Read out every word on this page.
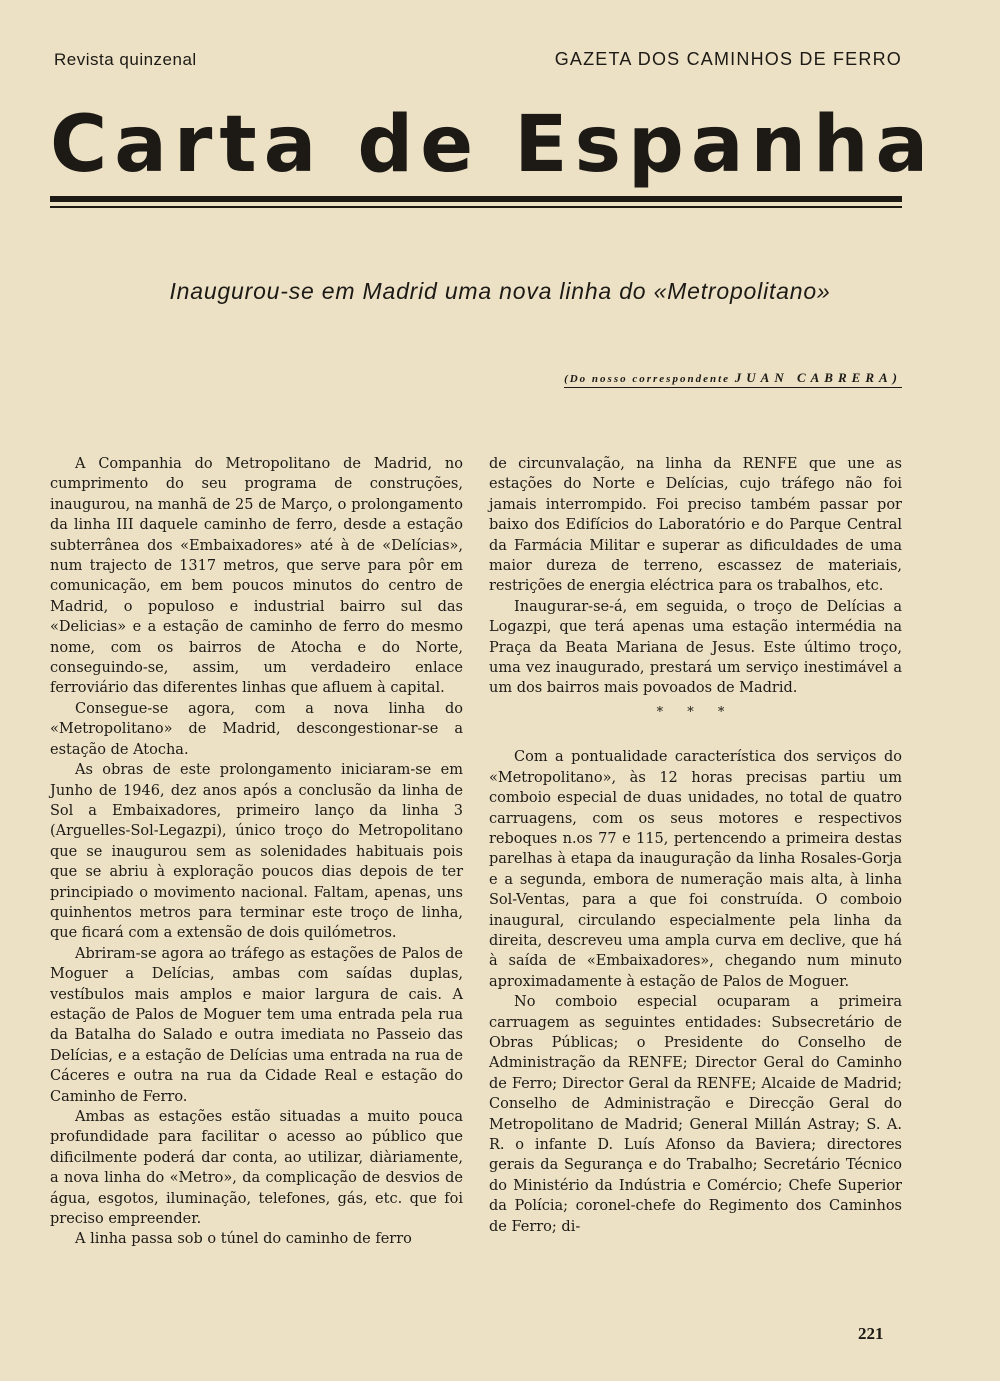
Revista quinzenal	GAZETA DOS CAMINHOS DE FERRO
Carta de Espanha
Inaugurou-se em Madrid uma nova linha do «Metropolitano»
(Do nosso correspondente JUAN CABRERA)

A Companhia do Metropolitano de Madrid, no cumprimento do seu programa de construções, inaugurou, na manhã de 25 de Março, o prolongamento da linha III daquele caminho de ferro, desde a estação subterrânea dos «Embaixadores» até à de «Delícias», num trajecto de 1317 metros, que serve para pôr em comunicação, em bem poucos minutos do centro de Madrid, o populoso e industrial bairro sul das «Delicias» e a estação de caminho de ferro do mesmo nome, com os bairros de Atocha e do Norte, conseguindo-se, assim, um verdadeiro enlace ferroviário das diferentes linhas que afluem à capital.

Consegue-se agora, com a nova linha do «Metropolitano» de Madrid, descongestionar-se a estação de Atocha.

As obras de este prolongamento iniciaram-se em Junho de 1946, dez anos após a conclusão da linha de Sol a Embaixadores, primeiro lanço da linha 3 (Arguelles-Sol-Legazpi), único troço do Metropolitano que se inaugurou sem as solenidades habituais pois que se abriu à exploração poucos dias depois de ter principiado o movimento nacional. Faltam, apenas, uns quinhentos metros para terminar este troço de linha, que ficará com a extensão de dois quilómetros.

Abriram-se agora ao tráfego as estações de Palos de Moguer a Delícias, ambas com saídas duplas, vestíbulos mais amplos e maior largura de cais. A estação de Palos de Moguer tem uma entrada pela rua da Batalha do Salado e outra imediata no Passeio das Delícias, e a estação de Delícias uma entrada na rua de Cáceres e outra na rua da Cidade Real e estação do Caminho de Ferro.

Ambas as estações estão situadas a muito pouca profundidade para facilitar o acesso ao público que dificilmente poderá dar conta, ao utilizar, diàriamente, a nova linha do «Metro», da complicação de desvios de água, esgotos, iluminação, telefones, gás, etc. que foi preciso empreender.

A linha passa sob o túnel do caminho de ferro

de circunvalação, na linha da RENFE que une as estações do Norte e Delícias, cujo tráfego não foi jamais interrompido. Foi preciso também passar por baixo dos Edifícios do Laboratório e do Parque Central da Farmácia Militar e superar as dificuldades de uma maior dureza de terreno, escassez de materiais, restrições de energia eléctrica para os trabalhos, etc.

Inaugurar-se-á, em seguida, o troço de Delícias a Logazpi, que terá apenas uma estação intermédia na Praça da Beata Mariana de Jesus. Este último troço, uma vez inaugurado, prestará um serviço inestimável a um dos bairros mais povoados de Madrid.

* * *

Com a pontualidade característica dos serviços do «Metropolitano», às 12 horas precisas partiu um comboio especial de duas unidades, no total de quatro carruagens, com os seus motores e respectivos reboques n.os 77 e 115, pertencendo a primeira destas parelhas à etapa da inauguração da linha Rosales-Gorja e a segunda, embora de numeração mais alta, à linha Sol-Ventas, para a que foi construída. O comboio inaugural, circulando especialmente pela linha da direita, descreveu uma ampla curva em declive, que há à saída de «Embaixadores», chegando num minuto aproximadamente à estação de Palos de Moguer.

No comboio especial ocuparam a primeira carruagem as seguintes entidades: Subsecretário de Obras Públicas; o Presidente do Conselho de Administração da RENFE; Director Geral do Caminho de Ferro; Director Geral da RENFE; Alcaide de Madrid; Conselho de Administração e Direcção Geral do Metropolitano de Madrid; General Millán Astray; S. A. R. o infante D. Luís Afonso da Baviera; directores gerais da Segurança e do Trabalho; Secretário Técnico do Ministério da Indústria e Comércio; Chefe Superior da Polícia; coronel-chefe do Regimento dos Caminhos de Ferro; di-

221
